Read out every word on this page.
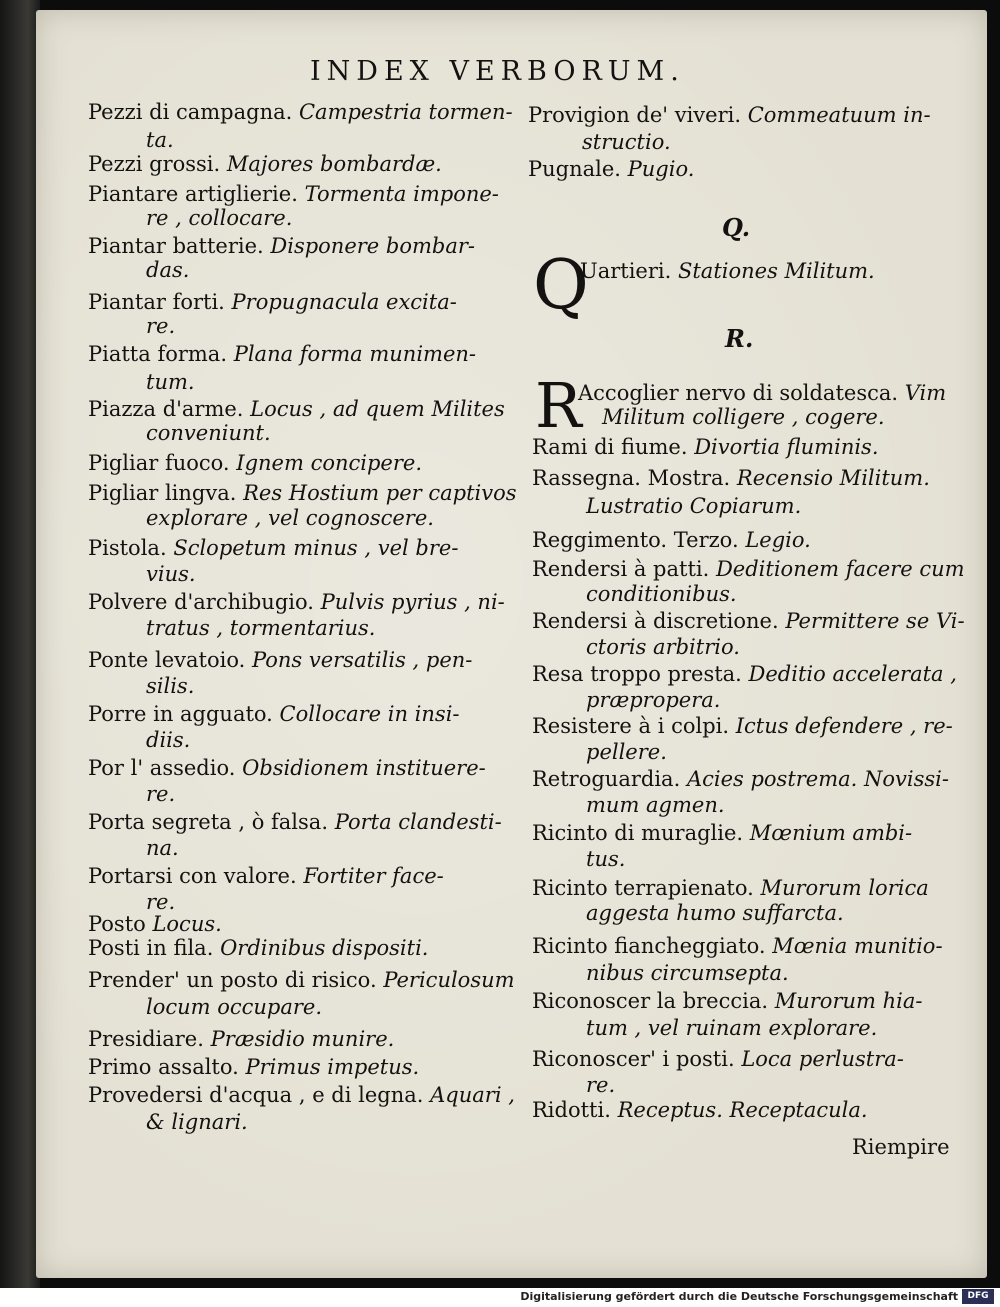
INDEX VERBORUM.
Q.
R.
Q
R
Riempire
Digitalisierung gefördert durch die Deutsche Forschungsgemeinschaft	DFG
Pezzi di campagna. Campestria tormen-
ta.
Pezzi grossi. Majores bombardæ.
Piantare artiglierie. Tormenta impone-
re , collocare.
Piantar batterie. Disponere bombar-
das.
Piantar forti. Propugnacula excita-
re.
Piatta forma. Plana forma munimen-
tum.
Piazza d'arme. Locus , ad quem Milites
conveniunt.
Pigliar fuoco. Ignem concipere.
Pigliar lingva. Res Hostium per captivos
explorare , vel cognoscere.
Pistola. Sclopetum minus , vel bre-
vius.
Polvere d'archibugio. Pulvis pyrius , ni-
tratus , tormentarius.
Ponte levatoio. Pons versatilis , pen-
silis.
Porre in agguato. Collocare in insi-
diis.
Por l' assedio. Obsidionem instituere-
re.
Porta segreta , ò falsa. Porta clandesti-
na.
Portarsi con valore. Fortiter face-
re.
Posto Locus.
Posti in fila. Ordinibus dispositi.
Prender' un posto di risico. Periculosum
locum occupare.
Presidiare. Præsidio munire.
Primo assalto. Primus impetus.
Provedersi d'acqua , e di legna. Aquari ,
& lignari.
Provigion de' viveri. Commeatuum in-
structio.
Pugnale. Pugio.
Uartieri. Stationes Militum.
Accoglier nervo di soldatesca. Vim
Militum colligere , cogere.
Rami di fiume. Divortia fluminis.
Rassegna. Mostra. Recensio Militum.
Lustratio Copiarum.
Reggimento. Terzo. Legio.
Rendersi à patti. Deditionem facere cum
conditionibus.
Rendersi à discretione. Permittere se Vi-
ctoris arbitrio.
Resa troppo presta. Deditio accelerata ,
præpropera.
Resistere à i colpi. Ictus defendere , re-
pellere.
Retroguardia. Acies postrema. Novissi-
mum agmen.
Ricinto di muraglie. Mœnium ambi-
tus.
Ricinto terrapienato. Murorum lorica
aggesta humo suffarcta.
Ricinto fiancheggiato. Mœnia munitio-
nibus circumsepta.
Riconoscer la breccia. Murorum hia-
tum , vel ruinam explorare.
Riconoscer' i posti. Loca perlustra-
re.
Ridotti. Receptus. Receptacula.
